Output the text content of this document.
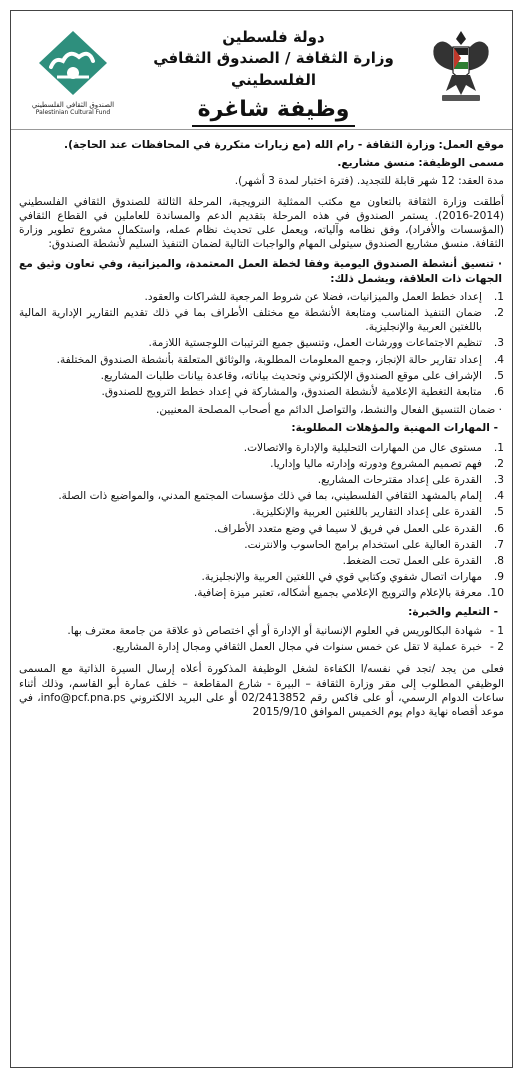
دولة فلسطين
وزارة الثقافة / الصندوق الثقافي الفلسطيني
وظيفة شاغرة
الصندوق الثقافي الفلسطيني
Palestinian Cultural Fund
موقع العمل: وزارة الثقافة - رام الله (مع زيارات متكررة في المحافظات عند الحاجة).
مسمى الوظيفة: منسق مشاريع.
مدة العقد: 12 شهر قابلة للتجديد. (فترة اختبار لمدة 3 أشهر).
أطلقت وزارة الثقافة بالتعاون مع مكتب الممثلية النرويجية، المرحلة الثالثة للصندوق الثقافي الفلسطيني (2014-2016). يستمر الصندوق في هذه المرحلة بتقديم الدعم والمساندة للعاملين في القطاع الثقافي (المؤسسات والأفراد)، وفق نظامه وآلياته، ويعمل على تحديث نظام عمله، واستكمال مشروع تطوير وزارة الثقافة. منسق مشاريع الصندوق سيتولى المهام والواجبات التالية لضمان التنفيذ السليم لأنشطة الصندوق:
· تنسيق أنشطة الصندوق اليومية وفقا لخطة العمل المعتمدة، والميزانية، وفي تعاون وثيق مع الجهات ذات العلاقة، ويشمل ذلك:
1.
إعداد خطط العمل والميزانيات، فضلا عن شروط المرجعية للشراكات والعقود.
2.
ضمان التنفيذ المناسب ومتابعة الأنشطة مع مختلف الأطراف بما في ذلك تقديم التقارير الإدارية المالية باللغتين العربية والإنجليزية.
3.
تنظيم الاجتماعات وورشات العمل، وتنسيق جميع الترتيبات اللوجستية اللازمة.
4.
إعداد تقارير حالة الإنجاز، وجمع المعلومات المطلوبة، والوثائق المتعلقة بأنشطة الصندوق المختلفة.
5.
الإشراف على موقع الصندوق الإلكتروني وتحديث بياناته، وقاعدة بيانات طلبات المشاريع.
6.
متابعة التغطية الإعلامية لأنشطة الصندوق، والمشاركة في إعداد خطط الترويج للصندوق.
· ضمان التنسيق الفعال والنشط، والتواصل الدائم مع أصحاب المصلحة المعنيين.
- المهارات المهنية والمؤهلات المطلوبة:
1.
مستوى عال من المهارات التحليلية والإدارة والاتصالات.
2.
فهم تصميم المشروع ودورته وإدارته ماليا وإداريا.
3.
القدرة على إعداد مقترحات المشاريع.
4.
إلمام بالمشهد الثقافي الفلسطيني، بما في ذلك مؤسسات المجتمع المدني، والمواضيع ذات الصلة.
5.
القدرة على إعداد التقارير باللغتين العربية والإنكليزية.
6.
القدرة على العمل في فريق لا سيما في وضع متعدد الأطراف.
7.
القدرة العالية على استخدام برامج الحاسوب والانترنت.
8.
القدرة على العمل تحت الضغط.
9.
مهارات اتصال شفوي وكتابي قوي في اللغتين العربية والإنجليزية.
10.
معرفة بالإعلام والترويج الإعلامي بجميع أشكاله، تعتبر ميزة إضافية.
- التعليم والخبرة:
1 -
شهادة البكالوريس في العلوم الإنسانية أو الإدارة أو أي اختصاص ذو علاقة من جامعة معترف بها.
2 -
خبرة عملية لا تقل عن خمس سنوات في مجال العمل الثقافي ومجال إدارة المشاريع.
فعلى من يجد /تجد في نفسه/ا الكفاءة لشغل الوظيفة المذكورة أعلاه إرسال السيرة الذاتية مع المسمى الوظيفي المطلوب إلى مقر وزارة الثقافة – البيرة - شارع المقاطعة – خلف عمارة أبو القاسم، وذلك أثناء ساعات الدوام الرسمي، أو على فاكس رقم 02/2413852 أو على البريد الالكتروني info@pcf.pna.ps، في موعد أقصاه نهاية دوام يوم الخميس الموافق 2015/9/10
